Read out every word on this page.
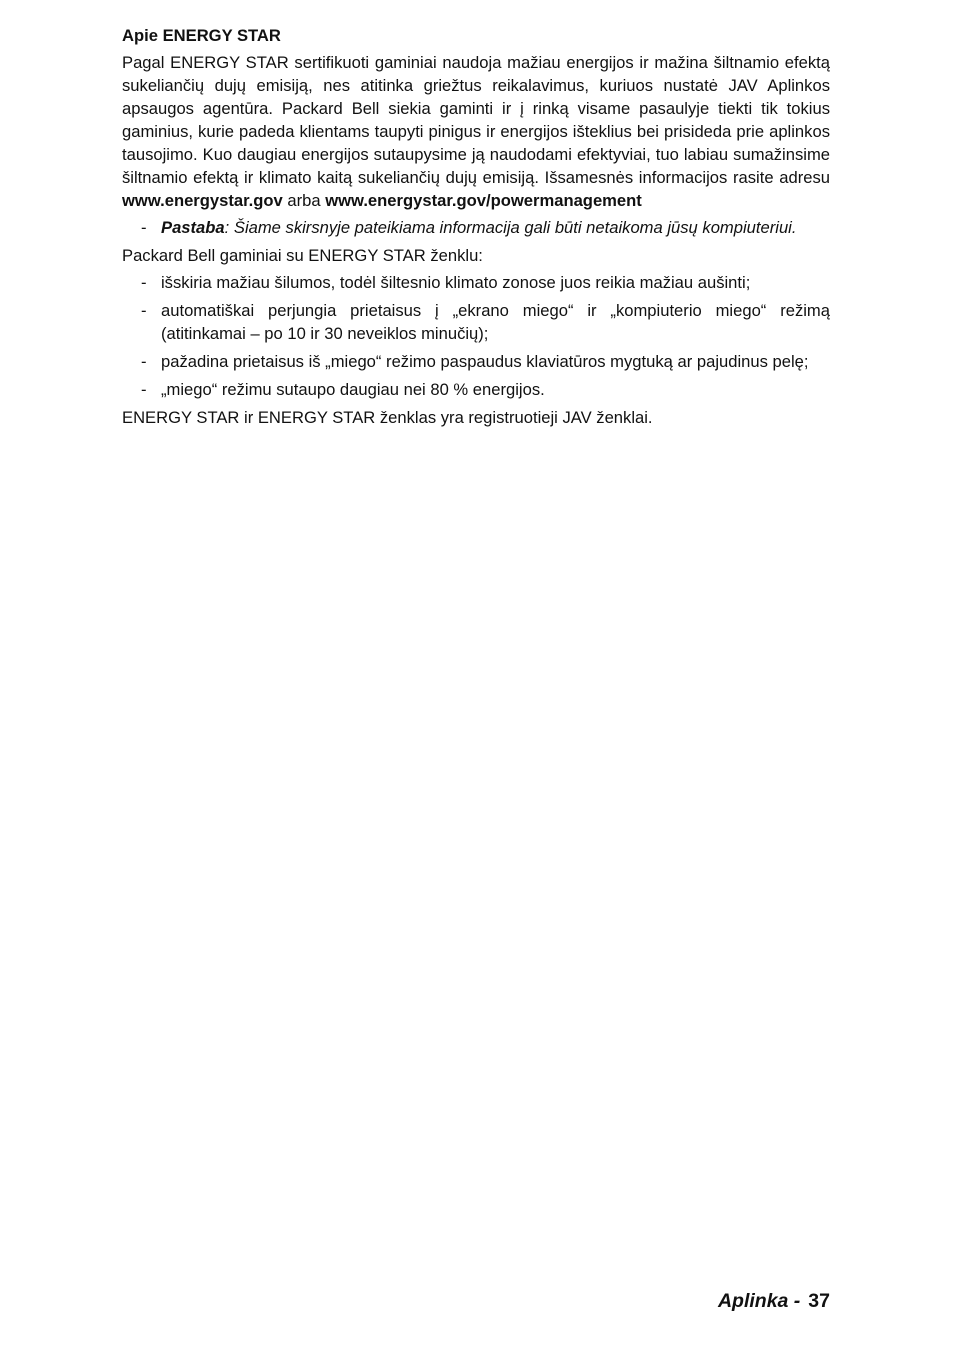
Apie ENERGY STAR

Pagal ENERGY STAR sertifikuoti gaminiai naudoja mažiau energijos ir mažina šiltnamio efektą sukeliančių dujų emisiją, nes atitinka griežtus reikalavimus, kuriuos nustatė JAV Aplinkos apsaugos agentūra. Packard Bell siekia gaminti ir į rinką visame pasaulyje tiekti tik tokius gaminius, kurie padeda klientams taupyti pinigus ir energijos išteklius bei prisideda prie aplinkos tausojimo. Kuo daugiau energijos sutaupysime ją naudodami efektyviai, tuo labiau sumažinsime šiltnamio efektą ir klimato kaitą sukeliančių dujų emisiją. Išsamesnės informacijos rasite adresu www.energystar.gov arba www.energystar.gov/powermanagement

- Pastaba: Šiame skirsnyje pateikiama informacija gali būti netaikoma jūsų kompiuteriui.

Packard Bell gaminiai su ENERGY STAR ženklu:

- išskiria mažiau šilumos, todėl šiltesnio klimato zonose juos reikia mažiau aušinti;
- automatiškai perjungia prietaisus į „ekrano miego“ ir „kompiuterio miego“ režimą (atitinkamai – po 10 ir 30 neveiklos minučių);
- pažadina prietaisus iš „miego“ režimo paspaudus klaviatūros mygtuką ar pajudinus pelę;
- „miego“ režimu sutaupo daugiau nei 80 % energijos.

ENERGY STAR ir ENERGY STAR ženklas yra registruotieji JAV ženklai.

Aplinka - 37
